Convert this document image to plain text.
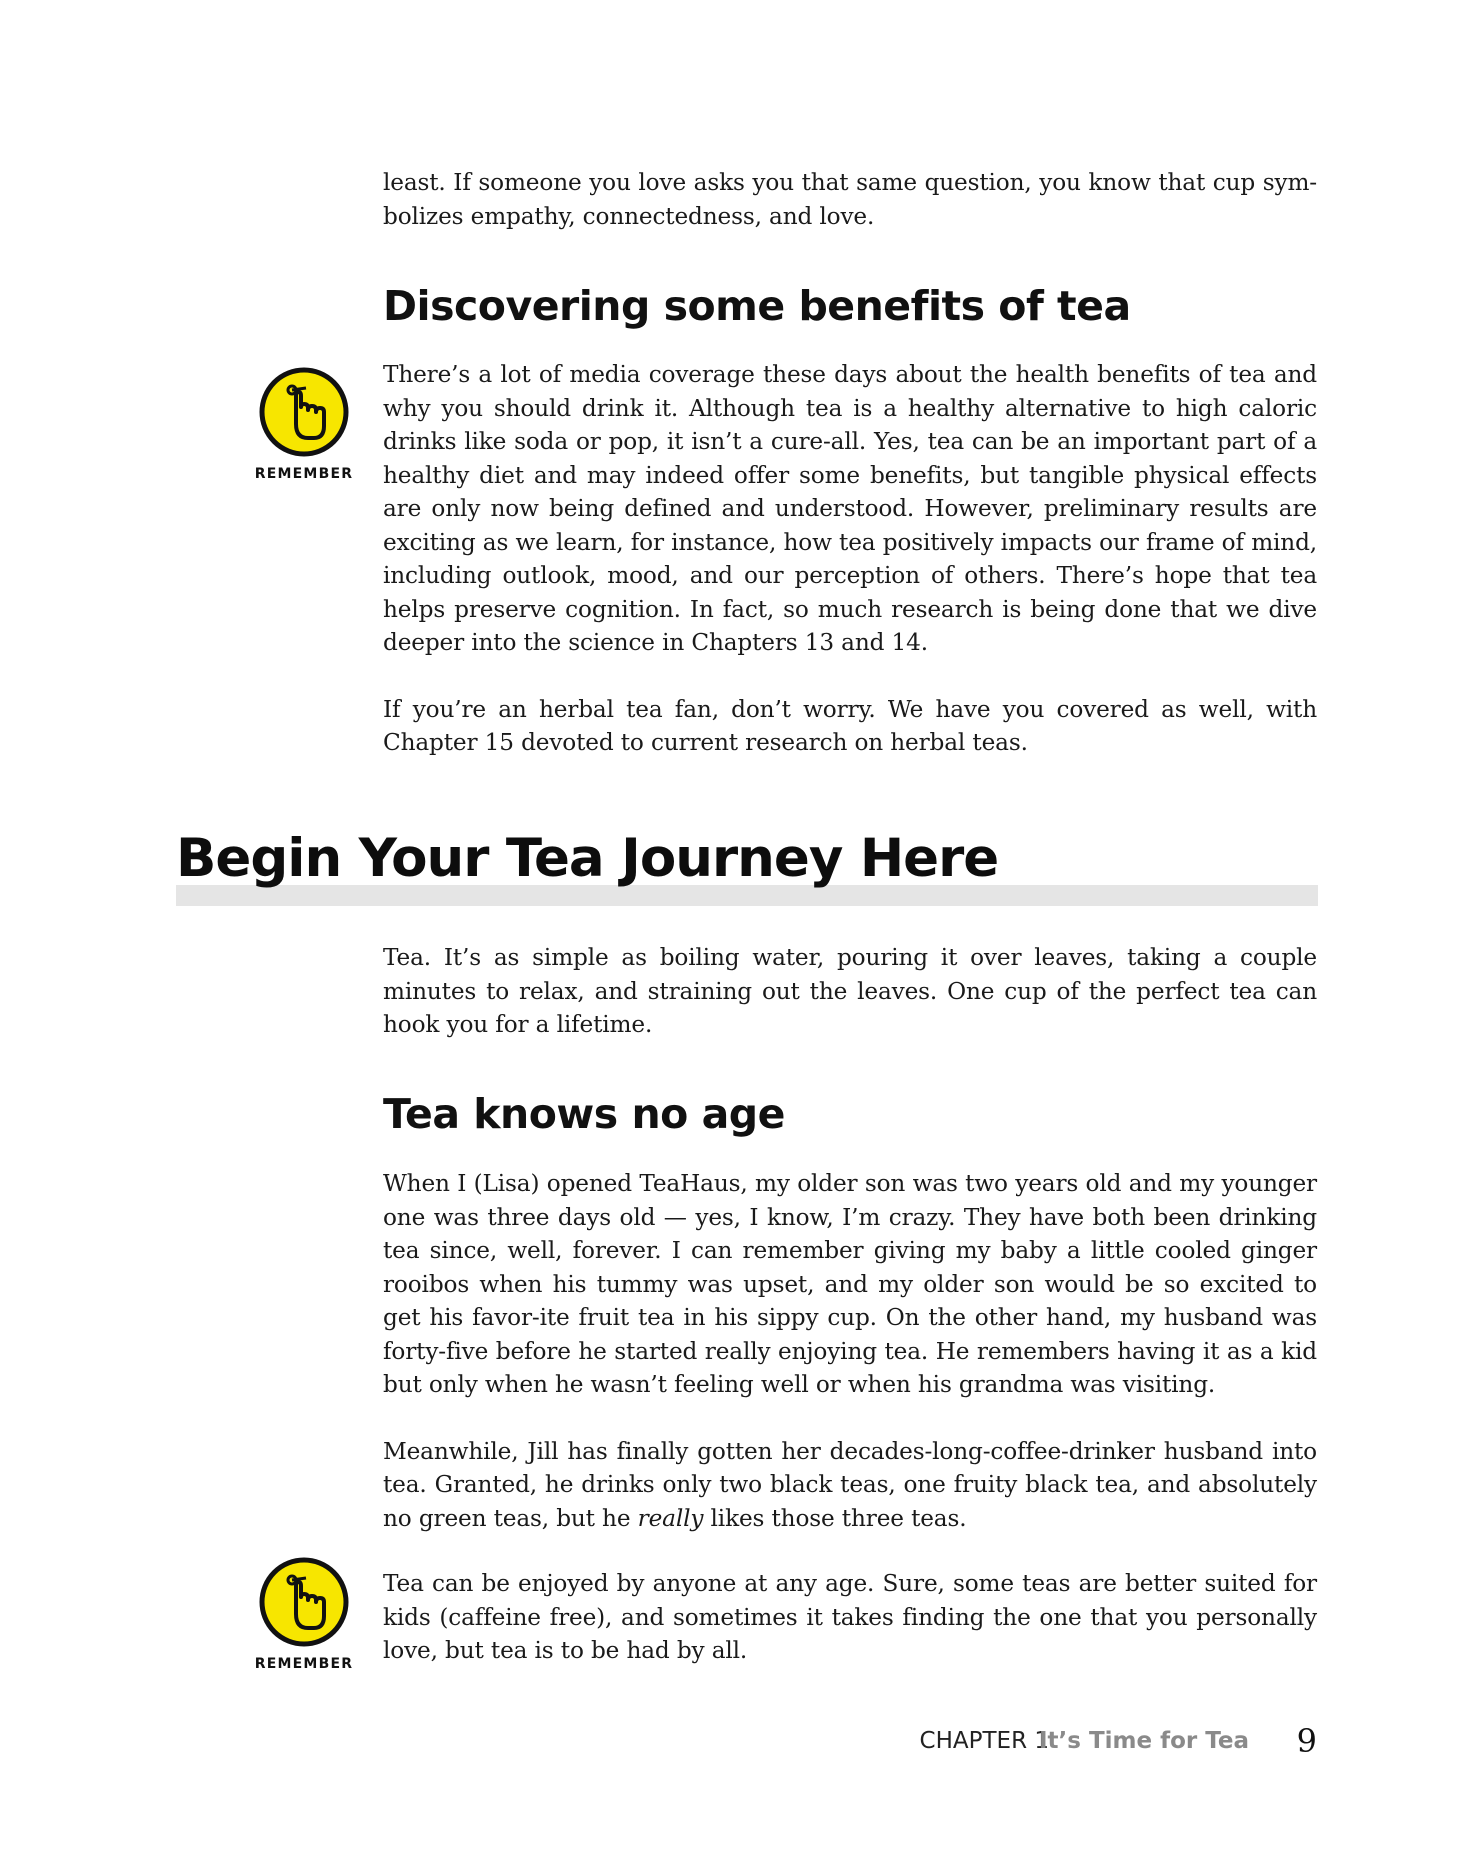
least. If someone you love asks you that same question, you know that cup sym-bolizes empathy, connectedness, and love.

Discovering some benefits of tea
REMEMBER

There’s a lot of media coverage these days about the health benefits of tea and why you should drink it. Although tea is a healthy alternative to high caloric drinks like soda or pop, it isn’t a cure-all. Yes, tea can be an important part of a healthy diet and may indeed offer some benefits, but tangible physical effects are only now being defined and understood. However, preliminary results are exciting as we learn, for instance, how tea positively impacts our frame of mind, including outlook, mood, and our perception of others. There’s hope that tea helps preserve cognition. In fact, so much research is being done that we dive deeper into the science in Chapters 13 and 14.

If you’re an herbal tea fan, don’t worry. We have you covered as well, with Chapter 15 devoted to current research on herbal teas.

Begin Your Tea Journey Here

Tea. It’s as simple as boiling water, pouring it over leaves, taking a couple minutes to relax, and straining out the leaves. One cup of the perfect tea can hook you for a lifetime.

Tea knows no age

When I (Lisa) opened TeaHaus, my older son was two years old and my younger one was three days old — yes, I know, I’m crazy. They have both been drinking tea since, well, forever. I can remember giving my baby a little cooled ginger rooibos when his tummy was upset, and my older son would be so excited to get his favor-ite fruit tea in his sippy cup. On the other hand, my husband was forty-five before he started really enjoying tea. He remembers having it as a kid but only when he wasn’t feeling well or when his grandma was visiting.

Meanwhile, Jill has finally gotten her decades-long-coffee-drinker husband into tea. Granted, he drinks only two black teas, one fruity black tea, and absolutely no green teas, but he really likes those three teas.

REMEMBER

Tea can be enjoyed by anyone at any age. Sure, some teas are better suited for kids (caffeine free), and sometimes it takes finding the one that you personally love, but tea is to be had by all.

CHAPTER 1
It’s Time for Tea 9
